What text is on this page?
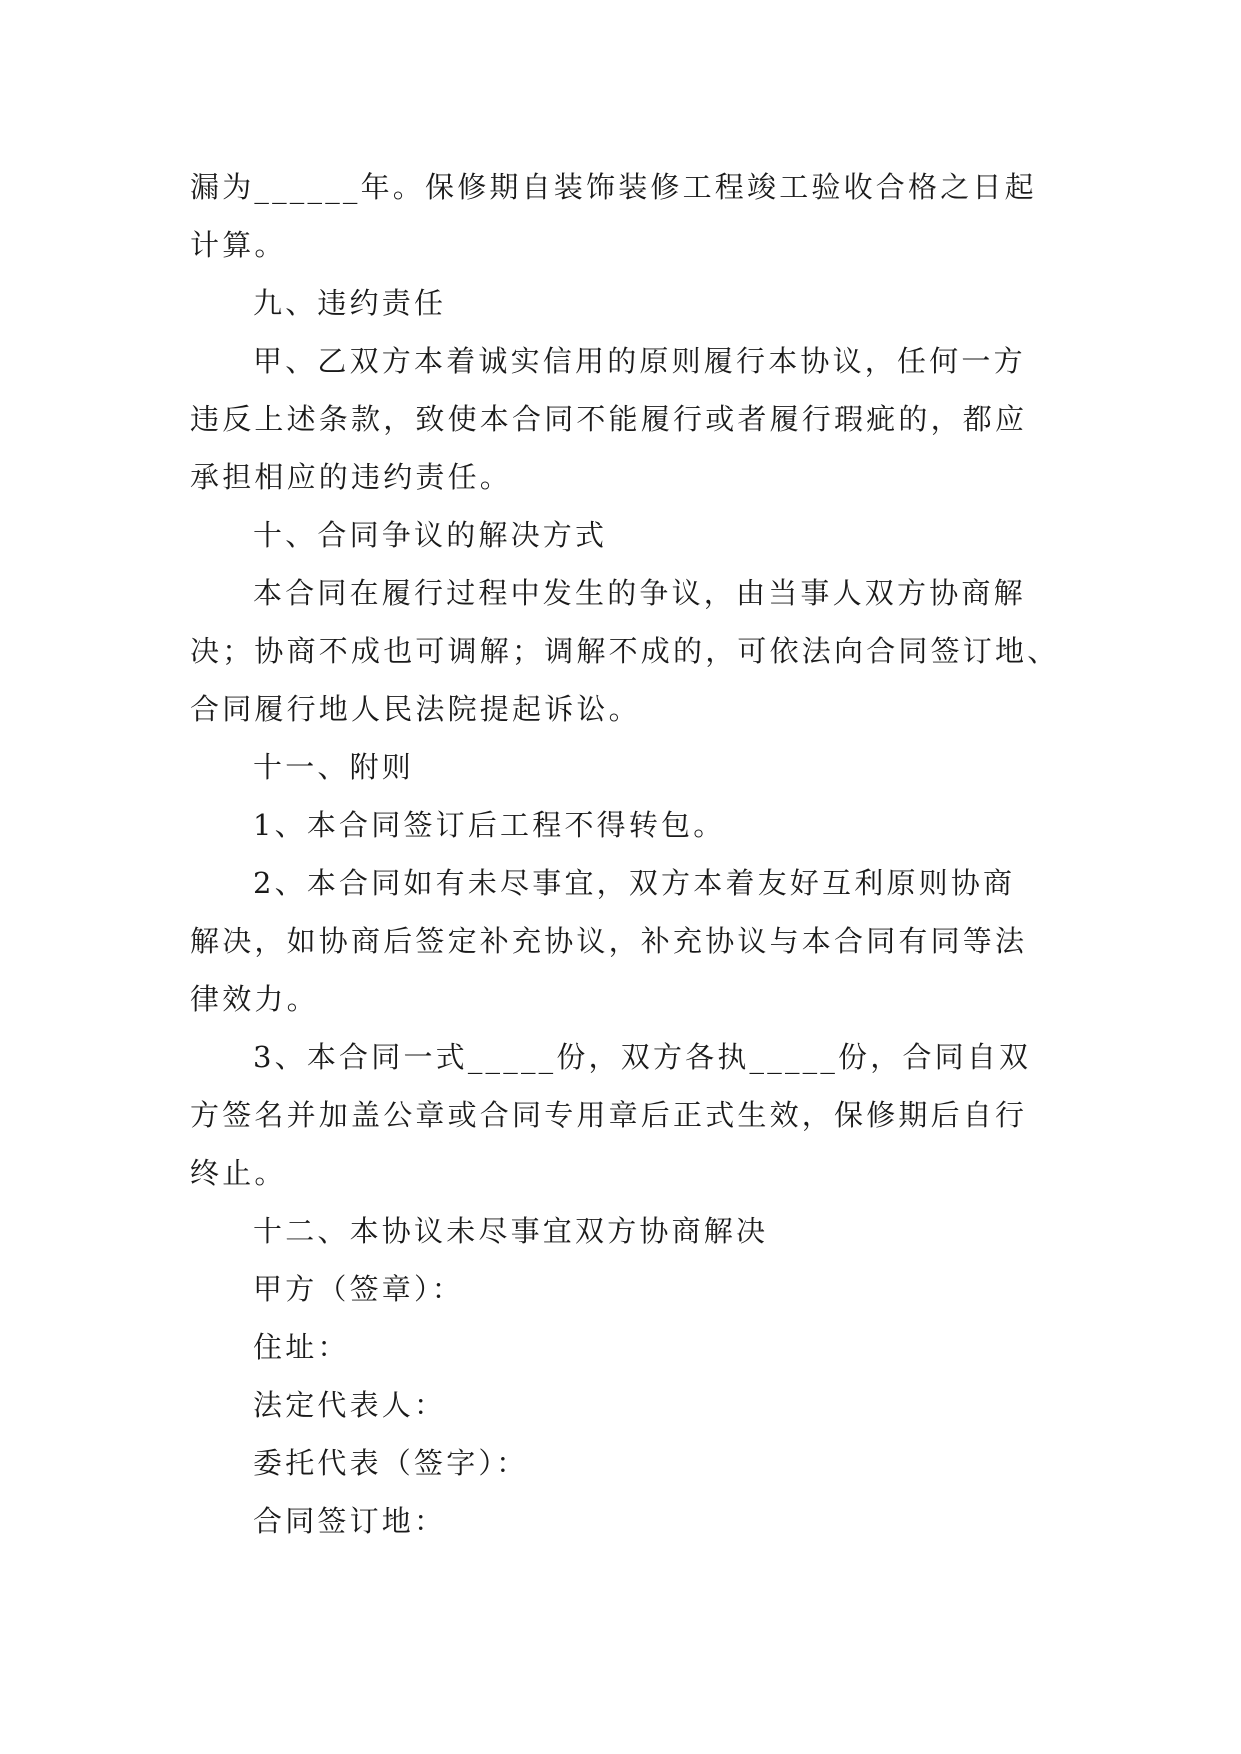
漏为______年。保修期自装饰装修工程竣工验收合格之日起
计算。
九、违约责任
甲、乙双方本着诚实信用的原则履行本协议，任何一方
违反上述条款，致使本合同不能履行或者履行瑕疵的，都应
承担相应的违约责任。
十、合同争议的解决方式
本合同在履行过程中发生的争议，由当事人双方协商解
决；协商不成也可调解；调解不成的，可依法向合同签订地、
合同履行地人民法院提起诉讼。
十一、附则
1、本合同签订后工程不得转包。
2、本合同如有未尽事宜，双方本着友好互利原则协商
解决，如协商后签定补充协议，补充协议与本合同有同等法
律效力。
3、本合同一式_____份，双方各执_____份，合同自双
方签名并加盖公章或合同专用章后正式生效，保修期后自行
终止。
十二、本协议未尽事宜双方协商解决
甲方（签章）：
住址：
法定代表人：
委托代表（签字）：
合同签订地：
